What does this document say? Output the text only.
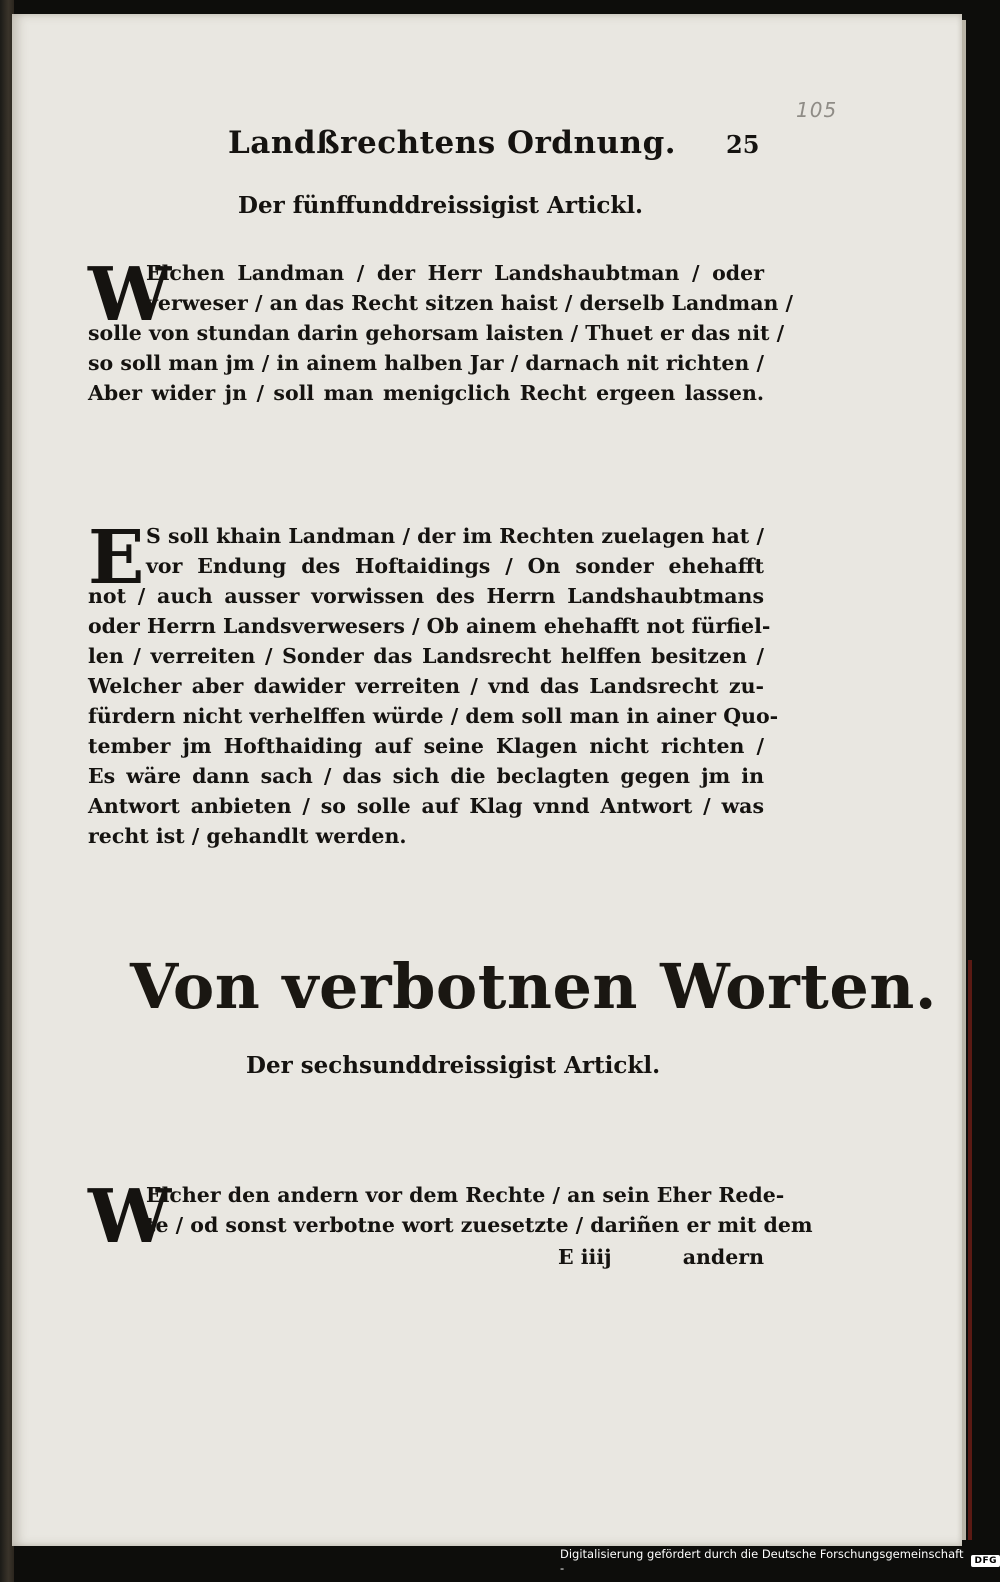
105
Landßrechtens Ordnung. 25
Der fünffunddreissigist Artickl.
W
Elchen Landman / der Herr Landshaubtman / oder
verweser / an das Recht sitzen haist / derselb Landman /
solle von stundan darin gehorsam laisten / Thuet er das nit /
so soll man jm / in ainem halben Jar / darnach nit richten /
Aber wider jn / soll man menigclich Recht ergeen lassen.
E S soll khain Landman / der im Rechten zuelagen hat /
vor Endung des Hoftaidings / On sonder ehehafft
not / auch ausser vorwissen des Herrn Landshaubtmans
oder Herrn Landsverwesers / Ob ainem ehehafft not fürfiel-
len / verreiten / Sonder das Landsrecht helffen besitzen /
Welcher aber dawider verreiten / vnd das Landsrecht zu-
fürdern nicht verhelffen würde / dem soll man in ainer Quo-
tember jm Hofthaiding auf seine Klagen nicht richten /
Es wäre dann sach / das sich die beclagten gegen jm in
Antwort anbieten / so solle auf Klag vnnd Antwort / was
recht ist / gehandlt werden.
Von verbotnen Worten.
Der sechsunddreissigist Artickl.
W
Elcher den andern vor dem Rechte / an sein Eher Rede-
te / od sonst verbotne wort zuesetzte / dariñen er mit dem
E iiij	andern
Digitalisierung gefördert durch die Deutsche Forschungsgemeinschaft -	DFG
